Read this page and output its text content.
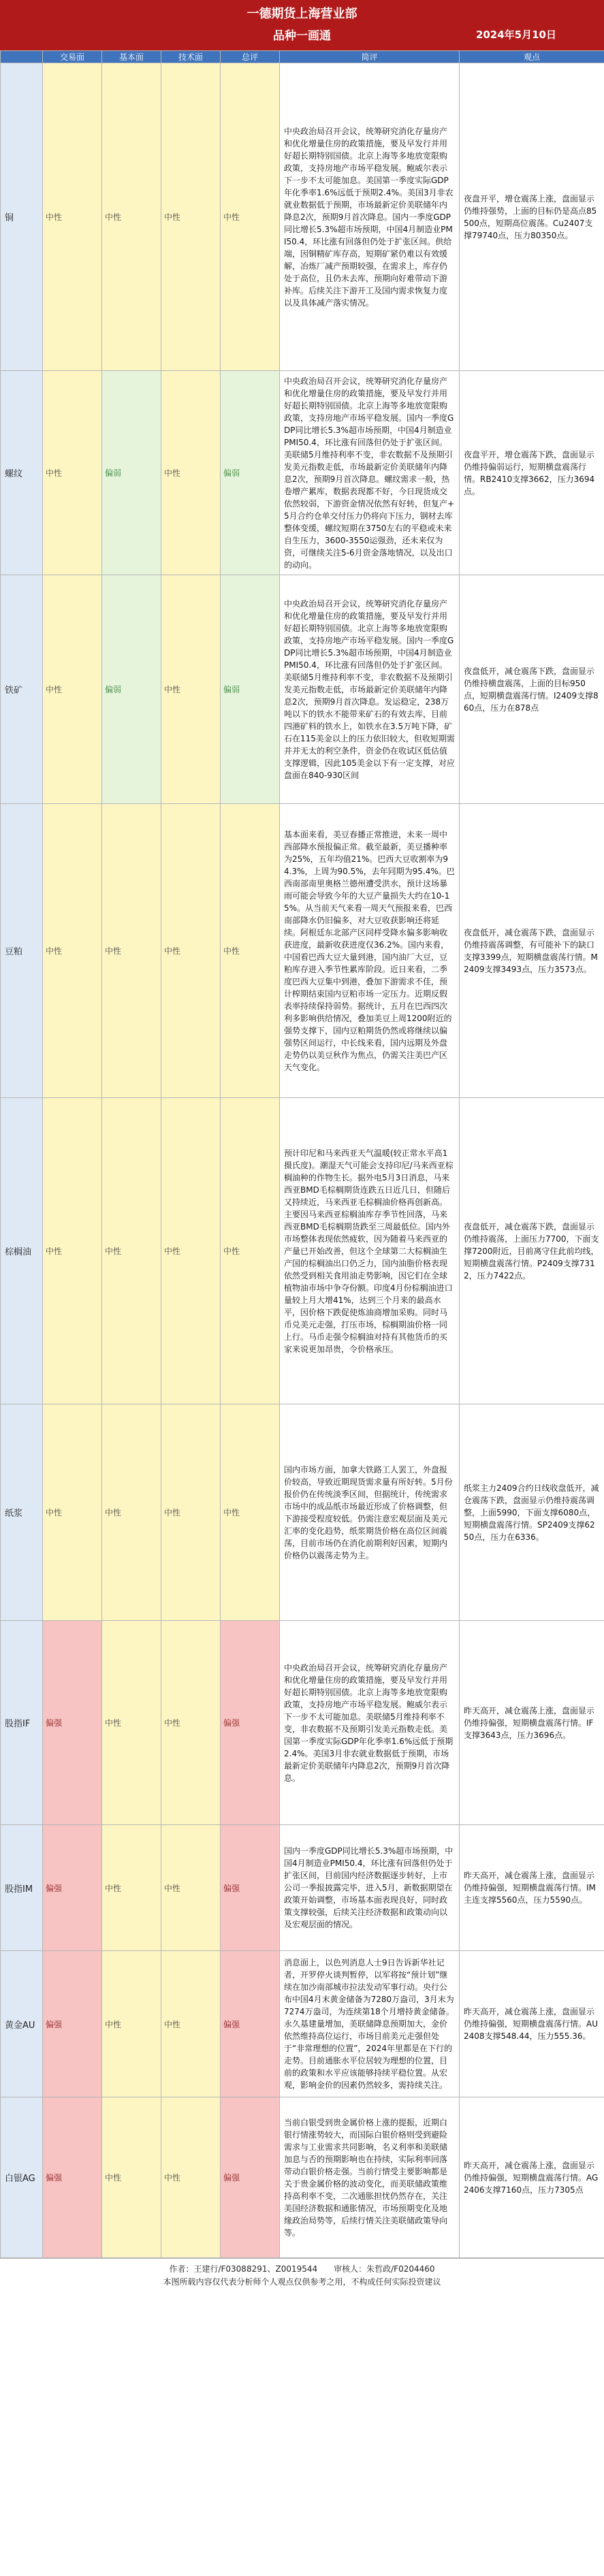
一德期货上海营业部
品种一画通	2024年5月10日
	交易面	基本面	技术面	总评	简评	观点
铜	中性	中性	中性	中性	中央政治局召开会议，统筹研究消化存量房产和优化增量住房的政策措施，要及早发行并用好超长期特别国债。北京上海等多地放宽限购政策，支持房地产市场平稳发展。鲍威尔表示下一步不太可能加息。美国第一季度实际GDP年化季率1.6%远低于预期2.4%。美国3月非农就业数据低于预期，市场最新定价美联储年内降息2次，预期9月首次降息。国内一季度GDP同比增长5.3%超市场预期，中国4月制造业PMI50.4，环比涨有回落但仍处于扩张区间。供给端，因铜精矿库存高，短期矿紧仍难以有效缓解，冶炼厂减产预期较强，在需求上，库存仍处于高位，且仍未去库，预期向好难带动下游补库。后续关注下游开工及国内需求恢复力度以及具体减产落实情况。	夜盘开平，增仓震荡上涨，盘面显示仍维持强势，上面的目标仍是高点85500点，短期高位震荡。Cu2407支撑79740点，压力80350点。
螺纹	中性	偏弱	中性	偏弱	中央政治局召开会议，统筹研究消化存量房产和优化增量住房的政策措施，要及早发行并用好超长期特别国债。北京上海等多地放宽限购政策，支持房地产市场平稳发展。国内一季度GDP同比增长5.3%超市场预期，中国4月制造业PMI50.4，环比涨有回落但仍处于扩张区间。美联储5月维持利率不变，非农数据不及预期引发美元指数走低，市场最新定价美联储年内降息2次，预期9月首次降息。螺纹需求一般，热卷增产累库，数据表现都不好，今日现货成交依然较弱，下游资金情况依然有好转，但复产+5月合约仓单交付压力仍将向下压力，钢材去库整体变缓，螺纹短期在3750左右的平稳或未来自生压力，3600-3550运强劲，还未来仅为资，可继续关注5-6月资金落地情况，以及出口的动向。	夜盘平开，增仓震荡下跌，盘面显示仍维持偏弱运行，短期横盘震荡行情。RB2410支撑3662，压力3694点。
铁矿	中性	偏弱	中性	偏弱	中央政治局召开会议，统筹研究消化存量房产和优化增量住房的政策措施，要及早发行并用好超长期特别国债。北京上海等多地放宽限购政策，支持房地产市场平稳发展。国内一季度GDP同比增长5.3%超市场预期，中国4月制造业PMI50.4，环比涨有回落但仍处于扩张区间。美联储5月维持利率不变，非农数据不及预期引发美元指数走低，市场最新定价美联储年内降息2次，预期9月首次降息。发运稳定，238万吨以下的铁水不能带来矿石的有效去库，目前四港矿料的铁水上，如铁水在3.5万吨下降，矿石在115美金以上的压力依旧较大，但收短期需并并无太的利空条件，资金仍在收试区低估值支撑逻辑，因此105美金以下有一定支撑，对应盘面在840-930区间	夜盘低开，减仓震荡下跌，盘面显示仍维持横盘震荡，上面的目标950点，短期横盘震荡行情。I2409支撑860点，压力在878点
豆粕	中性	中性	中性	中性	基本面来看，美豆春播正常推进，未来一周中西部降水预报偏正常。截至最新，美豆播种率为25%，五年均值21%。巴西大豆收割率为94.3%，上周为90.5%，去年同期为95.4%。巴西南部南里奥格兰德州遭受洪水，预计这场暴雨可能会导致今年的大豆产量损失大约在10-15%。从当前天气来看一周天气预报来看，巴西南部降水仍旧偏多，对大豆收获影响还将延续。阿根廷东北部产区同样受降水偏多影响收获进度，最新收获进度仅36.2%。国内来看，中国看巴西大豆大量到港，国内油厂大豆，豆粕库存进入季节性累库阶段。近日来看，二季度巴西大豆集中到港，叠加下游需求不佳，预计榨期结束国内豆粕市场一定压力。近期反假表率持续保持弱势。据统计，五月在巴西四次利多影响供给情况，叠加美豆上周1200附近的强势支撑下，国内豆粕期货仍然或将继续以偏强势区间运行，中长线来看，国内远期及外盘走势仍以美豆秋作为焦点，仍需关注美巴产区天气变化。	夜盘低开，减仓震荡下跌，盘面显示仍维持震荡调整，有可能补下的缺口支撑3399点，短期横盘震荡行情。M2409支撑3493点，压力3573点。
棕榈油	中性	中性	中性	中性	预计印尼和马来西亚天气温暖(较正常水平高1摄氏度)。潮湿天气可能会支持印尼/马来西亚棕榈油种的作物生长。据外电5月3日消息，马来西亚BMD毛棕榈期货连跌五日近几日，但随后又持续近，马来西亚毛棕榈油价格再创新高。主要因马来西亚棕榈油库存季节性回落，马来西亚BMD毛棕榈期货跌至三周最低位。国内外市场整体表现依然疲软，因为随着马来西亚的产量已开始改善，但这个全球第二大棕榈油生产国的棕榈油出口仍乏力，国内油脂价格表现依然受到相关食用油走势影响，因它们在全球植物油市场中争夺份额。印度4月份棕榈油进口量较上月大增41%，达到三个月来的最高水平，因价格下跌促使炼油商增加采购。同时马币兑美元走强，打压市场，棕榈期油价格一同上行。马币走强令棕榈油对持有其他货币的买家来说更加昂贵，令价格承压。	夜盘低开，减仓震荡下跌，盘面显示仍维持震荡，上面压力7700，下面支撑7200附近，目前离守住此前均线，短期横盘震荡行情。P2409支撑7312，压力7422点。
纸浆	中性	中性	中性	中性	国内市场方面，加拿大铁路工人罢工，外盘报价较高，导致近期现货需求量有所好转。5月份报价仍在传统淡季区间，但据统计，传统需求市场中的成品纸市场最近形成了价格调整，但下游接受程度较低。仍需注意宏观层面及美元汇率的变化趋势，纸浆期货价格在高位区间震荡，目前市场仍在消化前期利好因素，短期内价格仍以震荡走势为主。	纸浆主力2409合约日线收盘低开，减仓震荡下跌，盘面显示仍维持震荡调整，上面5990，下面支撑6080点，短期横盘震荡行情。SP2409支撑6250点，压力在6336。
股指IF	偏强	中性	中性	偏强	中央政治局召开会议，统筹研究消化存量房产和优化增量住房的政策措施，要及早发行并用好超长期特别国债。北京上海等多地放宽限购政策，支持房地产市场平稳发展。鲍威尔表示下一步不太可能加息。美联储5月维持利率不变，非农数据不及预期引发美元指数走低。美国第一季度实际GDP年化季率1.6%远低于预期2.4%。美国3月非农就业数据低于预期，市场最新定价美联储年内降息2次，预期9月首次降息。	昨天高开，减仓震荡上涨，盘面显示仍维持偏强，短期横盘震荡行情。IF支撑3643点，压力3696点。
股指IM	偏强	中性	中性	偏强	国内一季度GDP同比增长5.3%超市场预期，中国4月制造业PMI50.4，环比涨有回落但仍处于扩张区间，目前国内经济数据逐步转好，上市公司一季报披露完毕，进入5月，新数据期望在政策开始调整，市场基本面表现良好，同时政策支撑较强，后续关注经济数据和政策动向以及宏观层面的情况。	昨天高开，减仓震荡上涨，盘面显示仍维持偏强，短期横盘震荡行情。IM主连支撑5560点，压力5590点。
黄金AU	偏强	中性	中性	偏强	消息面上，以色列消息人士9日告诉新华社记者，开罗停火谈判暂停，以军将按“预计划”继续在加沙南部城市拉法发动军事行动。央行公布中国4月末黄金储备为7280万盎司，3月末为7274万盎司，为连续第18个月增持黄金储备。永久基建量增加，美联储降息预期加大，金价依然维持高位运行，市场目前美元走强但处于“非常理想的位置”，2024年里都是在下行的走势。目前通胀水平位居较为理想的位置，目前的政策和水平应该能够持续平稳位置。从宏观，影响金价的因素仍然较多，需持续关注。	昨天高开，减仓震荡上涨，盘面显示仍维持偏强，短期横盘震荡行情。AU2408支撑548.44，压力555.36。
白银AG	偏强	中性	中性	偏强	当前白银受到贵金属价格上涨的提振，近期白银行情涨势较大，而国际白银价格则受到避险需求与工业需求共同影响，名义利率和美联储加息与否的预期影响也在持续，实际利率回落带动白银价格走强。当前行情受主要影响都是关于贵金属价格的波动变化，而美联储政策维持高利率不变，二次通胀担忧仍然存在，关注美国经济数据和通胀情况，市场预期变化及地缘政治局势等，后续行情关注美联储政策导向等。	昨天高开，减仓震荡上涨，盘面显示仍维持偏强，短期横盘震荡行情。AG2406支撑7160点，压力7305点
作者：王建行/F03088291、Z0019544　　审核人：朱哲政/F0204460
本图所载内容仅代表分析师个人观点仅供参考之用，不构成任何实际投资建议
